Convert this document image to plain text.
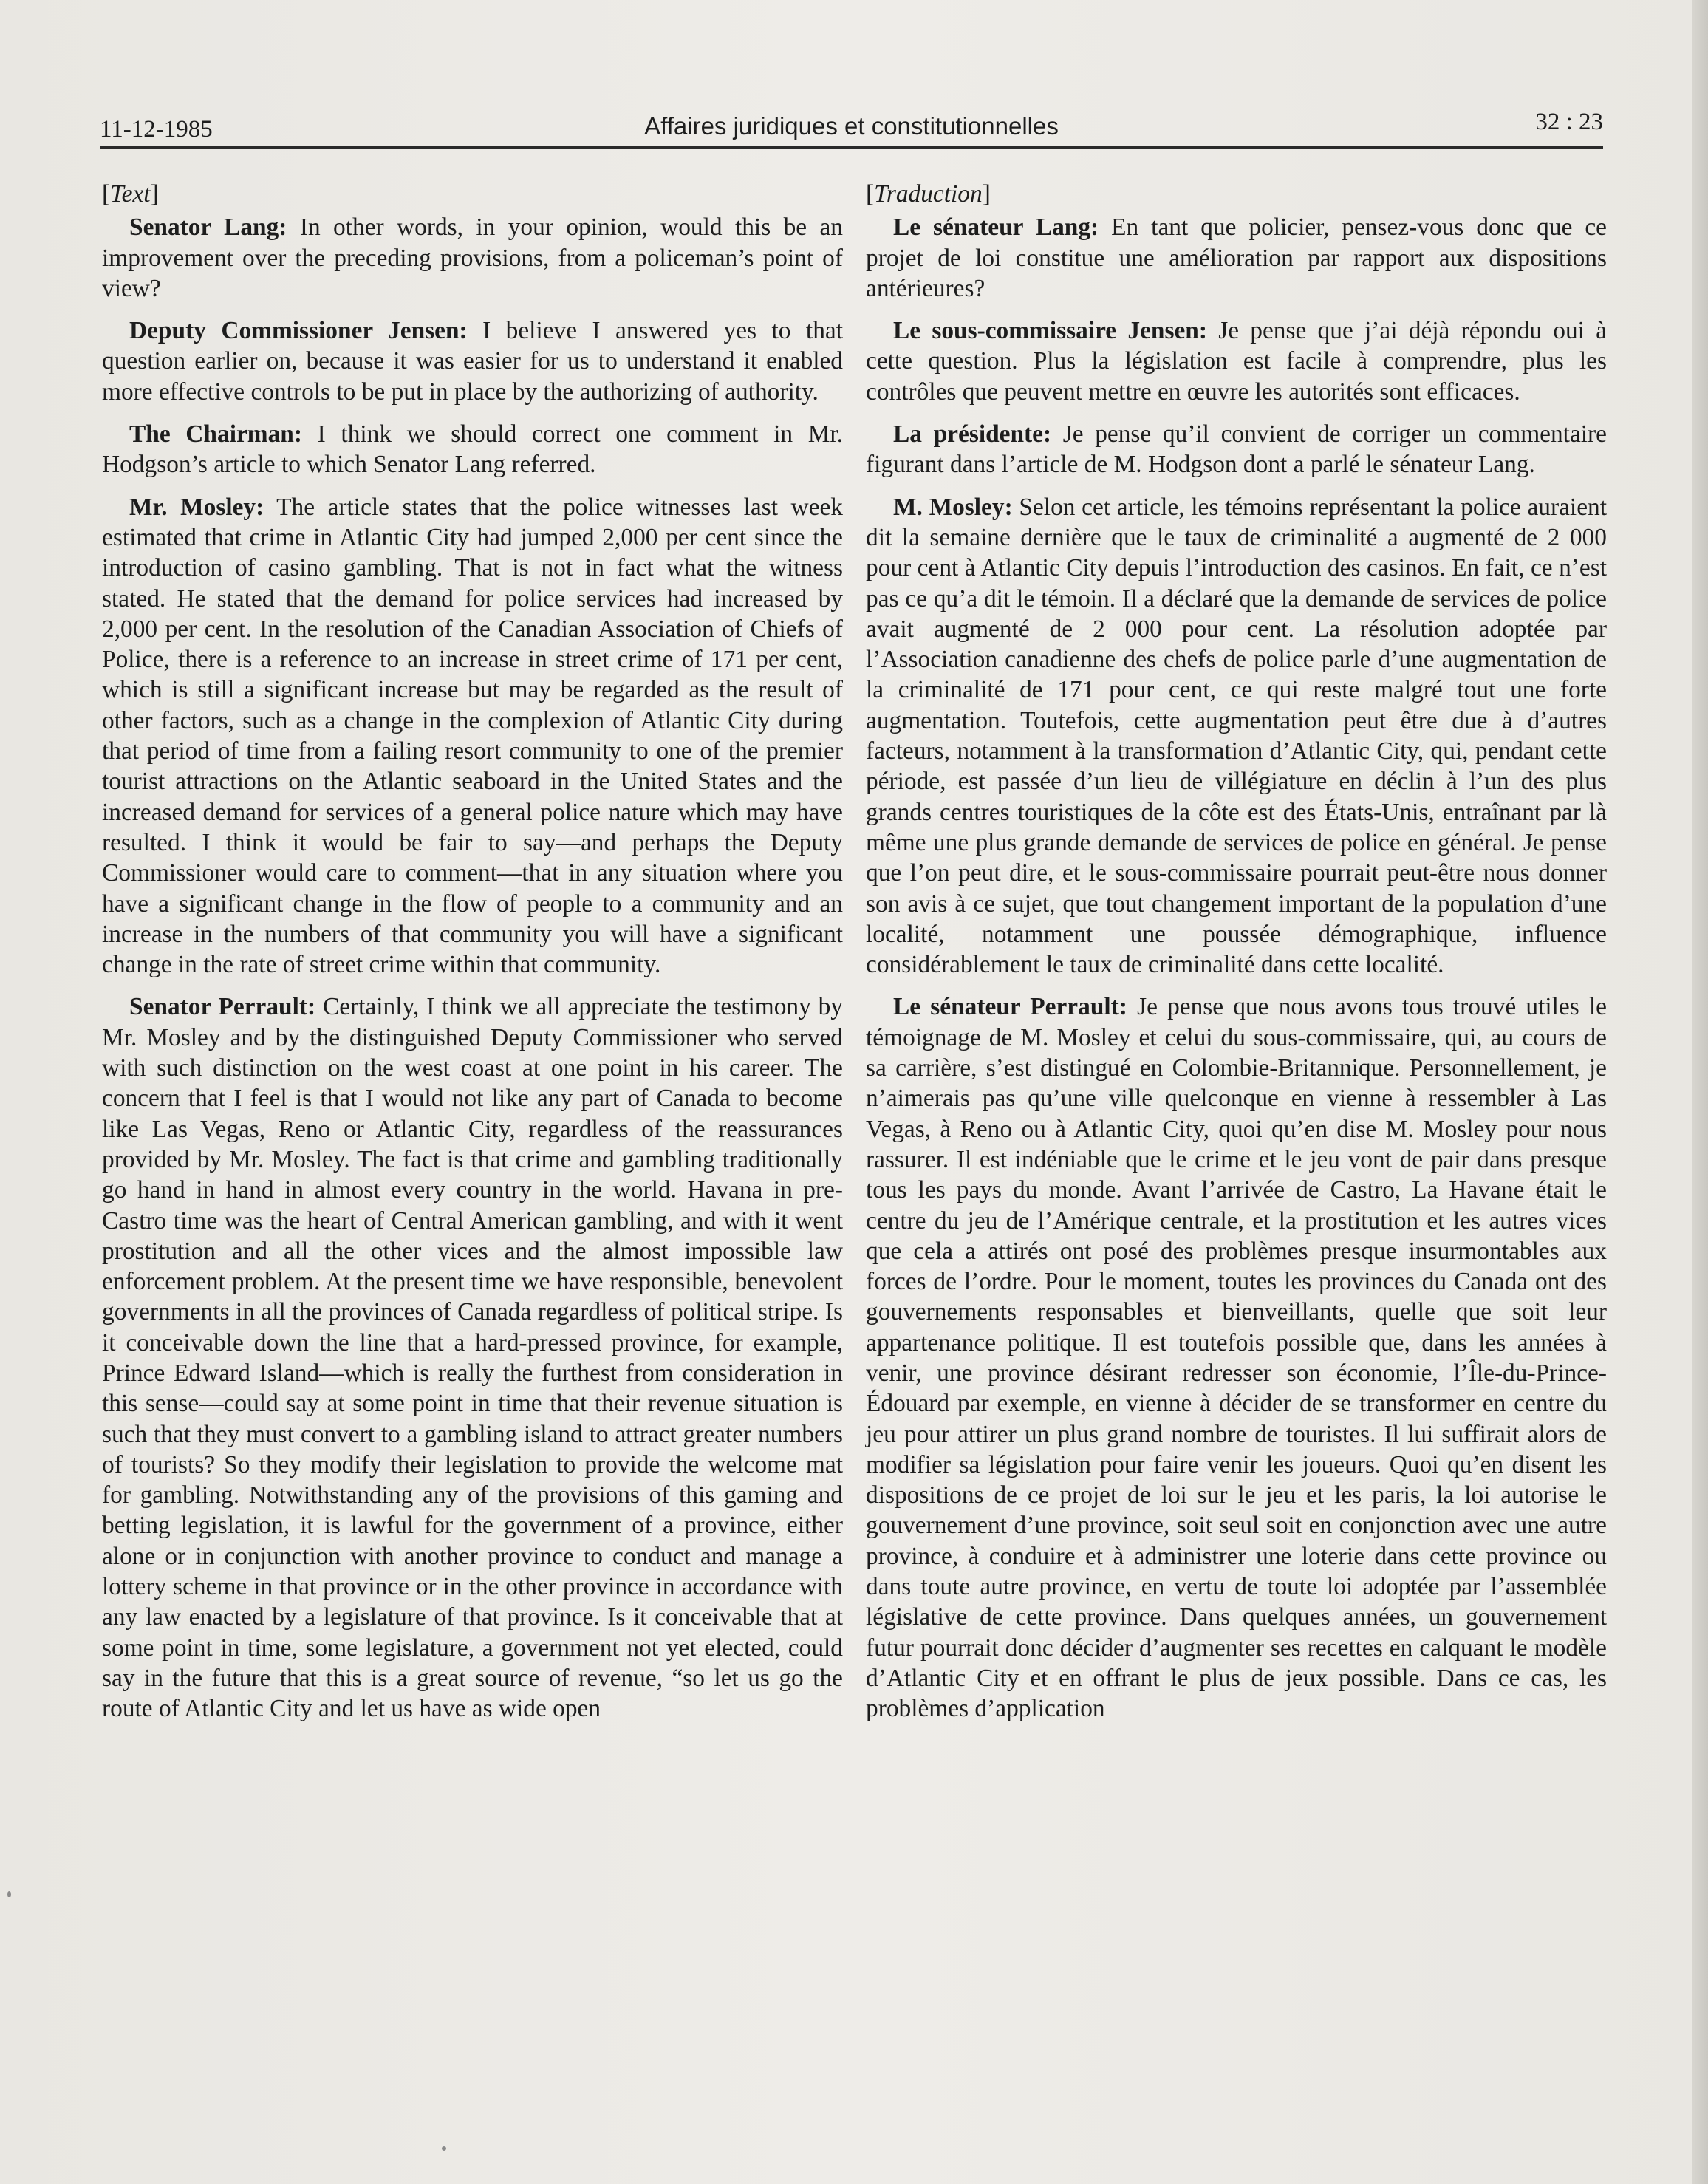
11-12-1985	Affaires juridiques et constitutionnelles	32 : 23
[Text]

Senator Lang: In other words, in your opinion, would this be an improvement over the preceding provisions, from a policeman’s point of view?

Deputy Commissioner Jensen: I believe I answered yes to that question earlier on, because it was easier for us to understand it enabled more effective controls to be put in place by the authorizing of authority.

The Chairman: I think we should correct one comment in Mr. Hodgson’s article to which Senator Lang referred.

Mr. Mosley: The article states that the police witnesses last week estimated that crime in Atlantic City had jumped 2,000 per cent since the introduction of casino gambling. That is not in fact what the witness stated. He stated that the demand for police services had increased by 2,000 per cent. In the resolution of the Canadian Association of Chiefs of Police, there is a reference to an increase in street crime of 171 per cent, which is still a significant increase but may be regarded as the result of other factors, such as a change in the complexion of Atlantic City during that period of time from a failing resort community to one of the premier tourist attractions on the Atlantic seaboard in the United States and the increased demand for services of a general police nature which may have resulted. I think it would be fair to say—and perhaps the Deputy Commissioner would care to comment—that in any situation where you have a significant change in the flow of people to a community and an increase in the numbers of that community you will have a significant change in the rate of street crime within that community.

Senator Perrault: Certainly, I think we all appreciate the testimony by Mr. Mosley and by the distinguished Deputy Commissioner who served with such distinction on the west coast at one point in his career. The concern that I feel is that I would not like any part of Canada to become like Las Vegas, Reno or Atlantic City, regardless of the reassurances provided by Mr. Mosley. The fact is that crime and gambling traditionally go hand in hand in almost every country in the world. Havana in pre-Castro time was the heart of Central American gambling, and with it went prostitution and all the other vices and the almost impossible law enforcement problem. At the present time we have responsible, benevolent governments in all the provinces of Canada regardless of political stripe. Is it conceivable down the line that a hard-pressed province, for example, Prince Edward Island—which is really the furthest from consideration in this sense—could say at some point in time that their revenue situation is such that they must convert to a gambling island to attract greater numbers of tourists? So they modify their legislation to provide the welcome mat for gambling. Notwithstanding any of the provisions of this gaming and betting legislation, it is lawful for the government of a province, either alone or in conjunction with another province to conduct and manage a lottery scheme in that province or in the other province in accordance with any law enacted by a legislature of that province. Is it conceivable that at some point in time, some legislature, a government not yet elected, could say in the future that this is a great source of revenue, “so let us go the route of Atlantic City and let us have as wide open

[Traduction]

Le sénateur Lang: En tant que policier, pensez-vous donc que ce projet de loi constitue une amélioration par rapport aux dispositions antérieures?

Le sous-commissaire Jensen: Je pense que j’ai déjà répondu oui à cette question. Plus la législation est facile à comprendre, plus les contrôles que peuvent mettre en œuvre les autorités sont efficaces.

La présidente: Je pense qu’il convient de corriger un commentaire figurant dans l’article de M. Hodgson dont a parlé le sénateur Lang.

M. Mosley: Selon cet article, les témoins représentant la police auraient dit la semaine dernière que le taux de criminalité a augmenté de 2 000 pour cent à Atlantic City depuis l’introduction des casinos. En fait, ce n’est pas ce qu’a dit le témoin. Il a déclaré que la demande de services de police avait augmenté de 2 000 pour cent. La résolution adoptée par l’Association canadienne des chefs de police parle d’une augmentation de la criminalité de 171 pour cent, ce qui reste malgré tout une forte augmentation. Toutefois, cette augmentation peut être due à d’autres facteurs, notamment à la transformation d’Atlantic City, qui, pendant cette période, est passée d’un lieu de villégiature en déclin à l’un des plus grands centres touristiques de la côte est des États-Unis, entraînant par là même une plus grande demande de services de police en général. Je pense que l’on peut dire, et le sous-commissaire pourrait peut-être nous donner son avis à ce sujet, que tout changement important de la population d’une localité, notamment une poussée démographique, influence considérablement le taux de criminalité dans cette localité.

Le sénateur Perrault: Je pense que nous avons tous trouvé utiles le témoignage de M. Mosley et celui du sous-commissaire, qui, au cours de sa carrière, s’est distingué en Colombie-Britannique. Personnellement, je n’aimerais pas qu’une ville quelconque en vienne à ressembler à Las Vegas, à Reno ou à Atlantic City, quoi qu’en dise M. Mosley pour nous rassurer. Il est indéniable que le crime et le jeu vont de pair dans presque tous les pays du monde. Avant l’arrivée de Castro, La Havane était le centre du jeu de l’Amérique centrale, et la prostitution et les autres vices que cela a attirés ont posé des problèmes presque insurmontables aux forces de l’ordre. Pour le moment, toutes les provinces du Canada ont des gouvernements responsables et bienveillants, quelle que soit leur appartenance politique. Il est toutefois possible que, dans les années à venir, une province désirant redresser son économie, l’Île-du-Prince-Édouard par exemple, en vienne à décider de se transformer en centre du jeu pour attirer un plus grand nombre de touristes. Il lui suffirait alors de modifier sa législation pour faire venir les joueurs. Quoi qu’en disent les dispositions de ce projet de loi sur le jeu et les paris, la loi autorise le gouvernement d’une province, soit seul soit en conjonction avec une autre province, à conduire et à administrer une loterie dans cette province ou dans toute autre province, en vertu de toute loi adoptée par l’assemblée législative de cette province. Dans quelques années, un gouvernement futur pourrait donc décider d’augmenter ses recettes en calquant le modèle d’Atlantic City et en offrant le plus de jeux possible. Dans ce cas, les problèmes d’application
